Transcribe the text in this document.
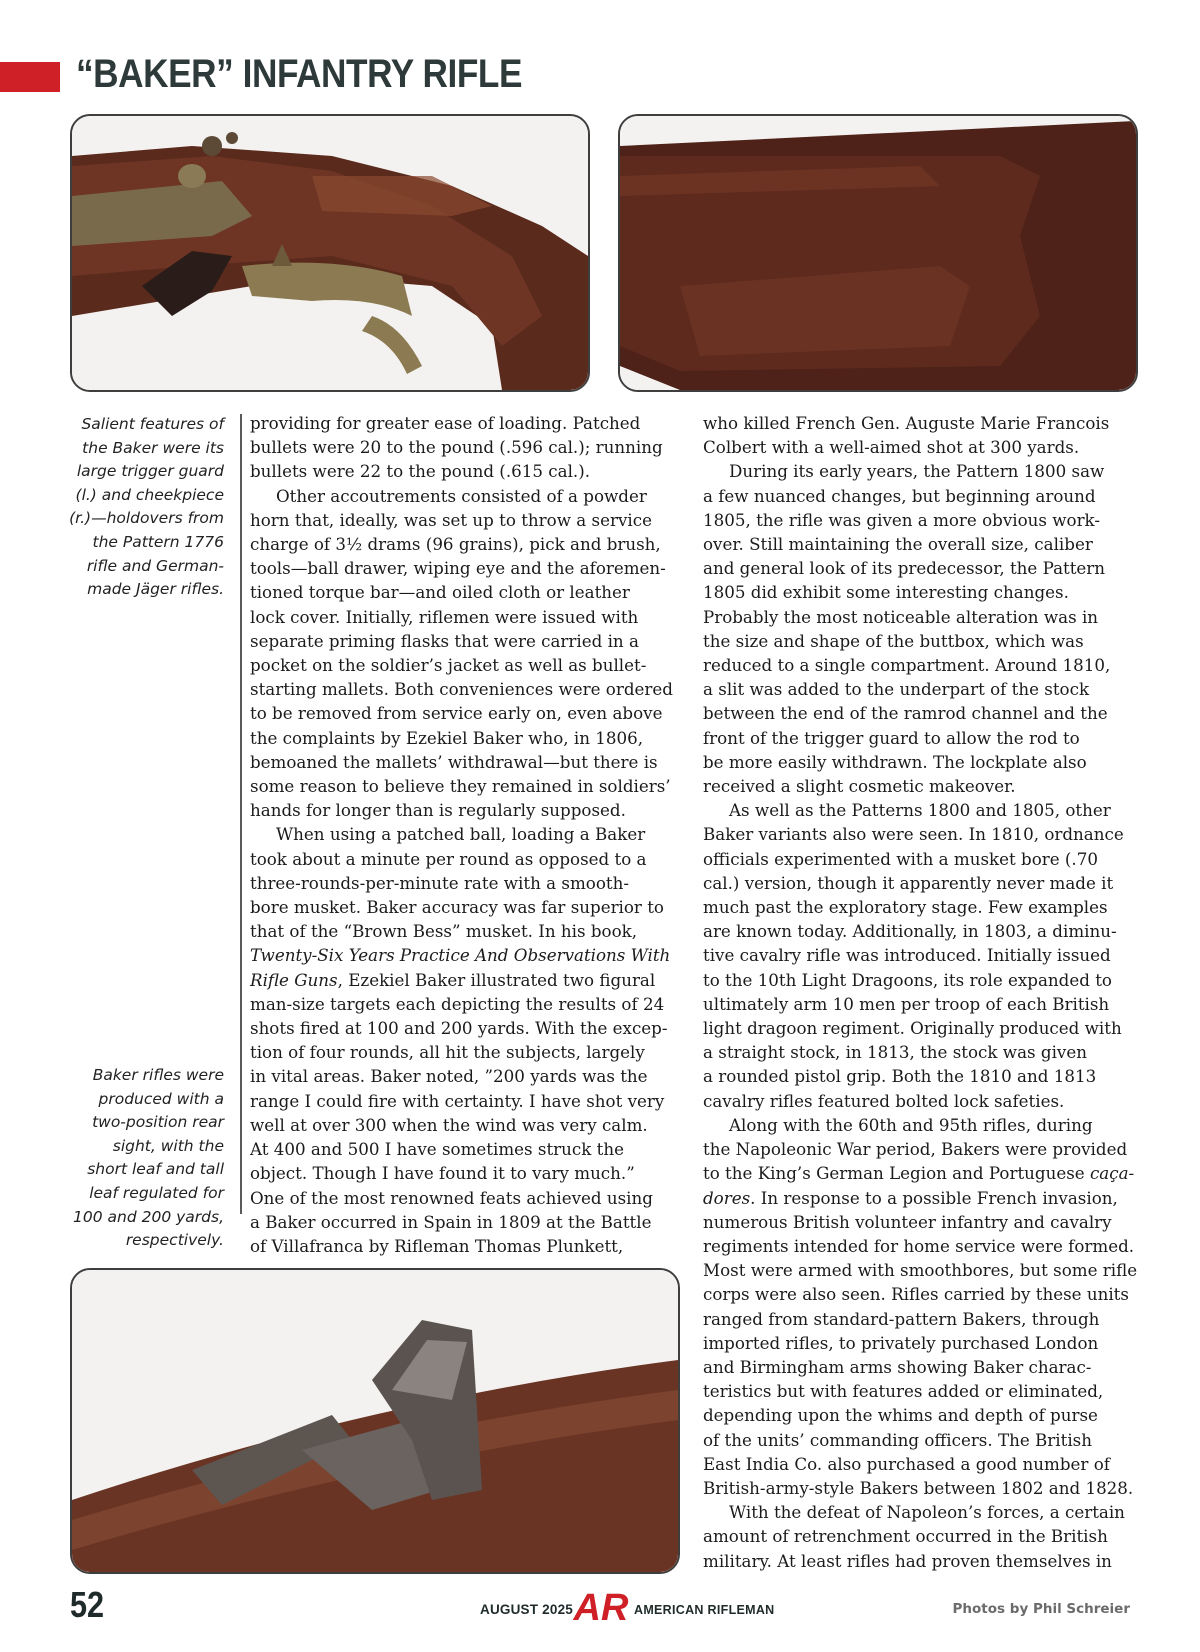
“BAKER” INFANTRY RIFLE
Salient features of
the Baker were its
large trigger guard
(l.) and cheekpiece
(r.)—holdovers from
the Pattern 1776
rifle and German-
made Jäger rifles.
Baker rifles were
produced with a
two-position rear
sight, with the
short leaf and tall
leaf regulated for
100 and 200 yards,
respectively.
providing for greater ease of loading. Patched
bullets were 20 to the pound (.596 cal.); running
bullets were 22 to the pound (.615 cal.).
Other accoutrements consisted of a powder
horn that, ideally, was set up to throw a service
charge of 3½ drams (96 grains), pick and brush,
tools—ball drawer, wiping eye and the aforemen-
tioned torque bar—and oiled cloth or leather
lock cover. Initially, riflemen were issued with
separate priming flasks that were carried in a
pocket on the soldier’s jacket as well as bullet-
starting mallets. Both conveniences were ordered
to be removed from service early on, even above
the complaints by Ezekiel Baker who, in 1806,
bemoaned the mallets’ withdrawal—but there is
some reason to believe they remained in soldiers’
hands for longer than is regularly supposed.
When using a patched ball, loading a Baker
took about a minute per round as opposed to a
three-rounds-per-minute rate with a smooth-
bore musket. Baker accuracy was far superior to
that of the “Brown Bess” musket. In his book,
Twenty-Six Years Practice And Observations With
Rifle Guns, Ezekiel Baker illustrated two figural
man-size targets each depicting the results of 24
shots fired at 100 and 200 yards. With the excep-
tion of four rounds, all hit the subjects, largely
in vital areas. Baker noted, ”200 yards was the
range I could fire with certainty. I have shot very
well at over 300 when the wind was very calm.
At 400 and 500 I have sometimes struck the
object. Though I have found it to vary much.”
One of the most renowned feats achieved using
a Baker occurred in Spain in 1809 at the Battle
of Villafranca by Rifleman Thomas Plunkett,
who killed French Gen. Auguste Marie Francois
Colbert with a well-aimed shot at 300 yards.
During its early years, the Pattern 1800 saw
a few nuanced changes, but beginning around
1805, the rifle was given a more obvious work-
over. Still maintaining the overall size, caliber
and general look of its predecessor, the Pattern
1805 did exhibit some interesting changes.
Probably the most noticeable alteration was in
the size and shape of the buttbox, which was
reduced to a single compartment. Around 1810,
a slit was added to the underpart of the stock
between the end of the ramrod channel and the
front of the trigger guard to allow the rod to
be more easily withdrawn. The lockplate also
received a slight cosmetic makeover.
As well as the Patterns 1800 and 1805, other
Baker variants also were seen. In 1810, ordnance
officials experimented with a musket bore (.70
cal.) version, though it apparently never made it
much past the exploratory stage. Few examples
are known today. Additionally, in 1803, a diminu-
tive cavalry rifle was introduced. Initially issued
to the 10th Light Dragoons, its role expanded to
ultimately arm 10 men per troop of each British
light dragoon regiment. Originally produced with
a straight stock, in 1813, the stock was given
a rounded pistol grip. Both the 1810 and 1813
cavalry rifles featured bolted lock safeties.
Along with the 60th and 95th rifles, during
the Napoleonic War period, Bakers were provided
to the King’s German Legion and Portuguese caça-
dores. In response to a possible French invasion,
numerous British volunteer infantry and cavalry
regiments intended for home service were formed.
Most were armed with smoothbores, but some rifle
corps were also seen. Rifles carried by these units
ranged from standard-pattern Bakers, through
imported rifles, to privately purchased London
and Birmingham arms showing Baker charac-
teristics but with features added or eliminated,
depending upon the whims and depth of purse
of the units’ commanding officers. The British
East India Co. also purchased a good number of
British-army-style Bakers between 1802 and 1828.
With the defeat of Napoleon’s forces, a certain
amount of retrenchment occurred in the British
military. At least rifles had proven themselves in
52	AUGUST 2025 AR AMERICAN RIFLEMAN	Photos by Phil Schreier
